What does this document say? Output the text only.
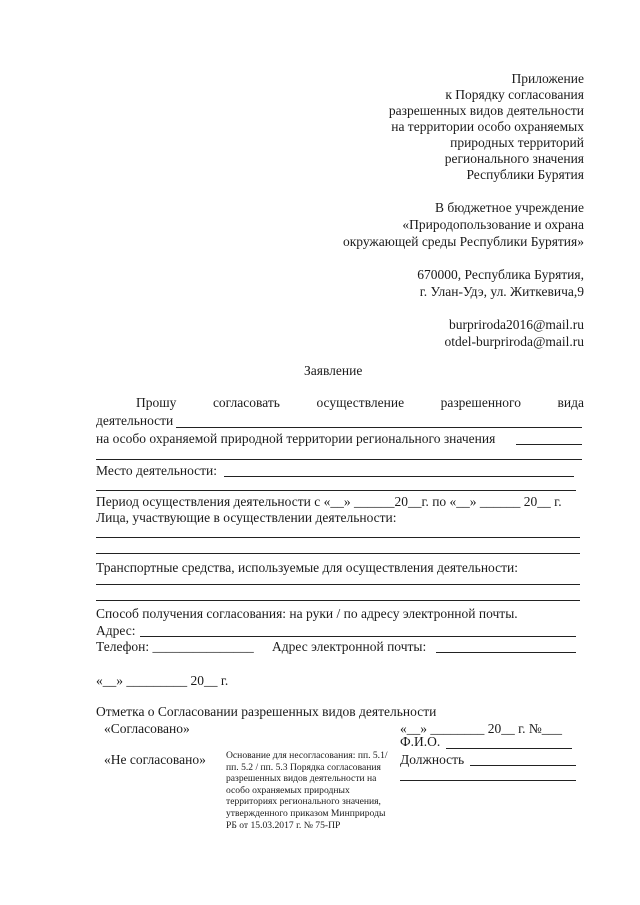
Приложение
к Порядку согласования
разрешенных видов деятельности
на территории особо охраняемых
природных территорий
регионального значения
Республики Бурятия
В бюджетное учреждение
«Природопользование и охрана
окружающей среды Республики Бурятия»
670000, Республика Бурятия,
г. Улан-Удэ, ул. Житкевича,9
burpriroda2016@mail.ru
otdel-burpriroda@mail.ru
Заявление
Прошу	согласовать	осуществление	разрешенного	вида
деятельности
на особо охраняемой природной территории регионального значения
Место деятельности:
Период осуществления деятельности с «__» ______20__г. по «__» ______ 20__ г.
Лица, участвующие в осуществлении деятельности:
Транспортные средства, используемые для осуществления деятельности:
Способ получения согласования: на руки / по адресу электронной почты.
Адрес:
Телефон: _______________ Адрес электронной почты:
«__» _________ 20__ г.
Отметка о Согласовании разрешенных видов деятельности
«Согласовано»	«__» ________ 20__ г. №___
Ф.И.О.
«Не согласовано»	Должность
Основание для несогласования: пп. 5.1/ пп. 5.2 / пп. 5.3 Порядка согласования разрешенных видов деятельности на особо охраняемых природных территориях регионального значения, утвержденного приказом Минприроды РБ от 15.03.2017 г. № 75-ПР
